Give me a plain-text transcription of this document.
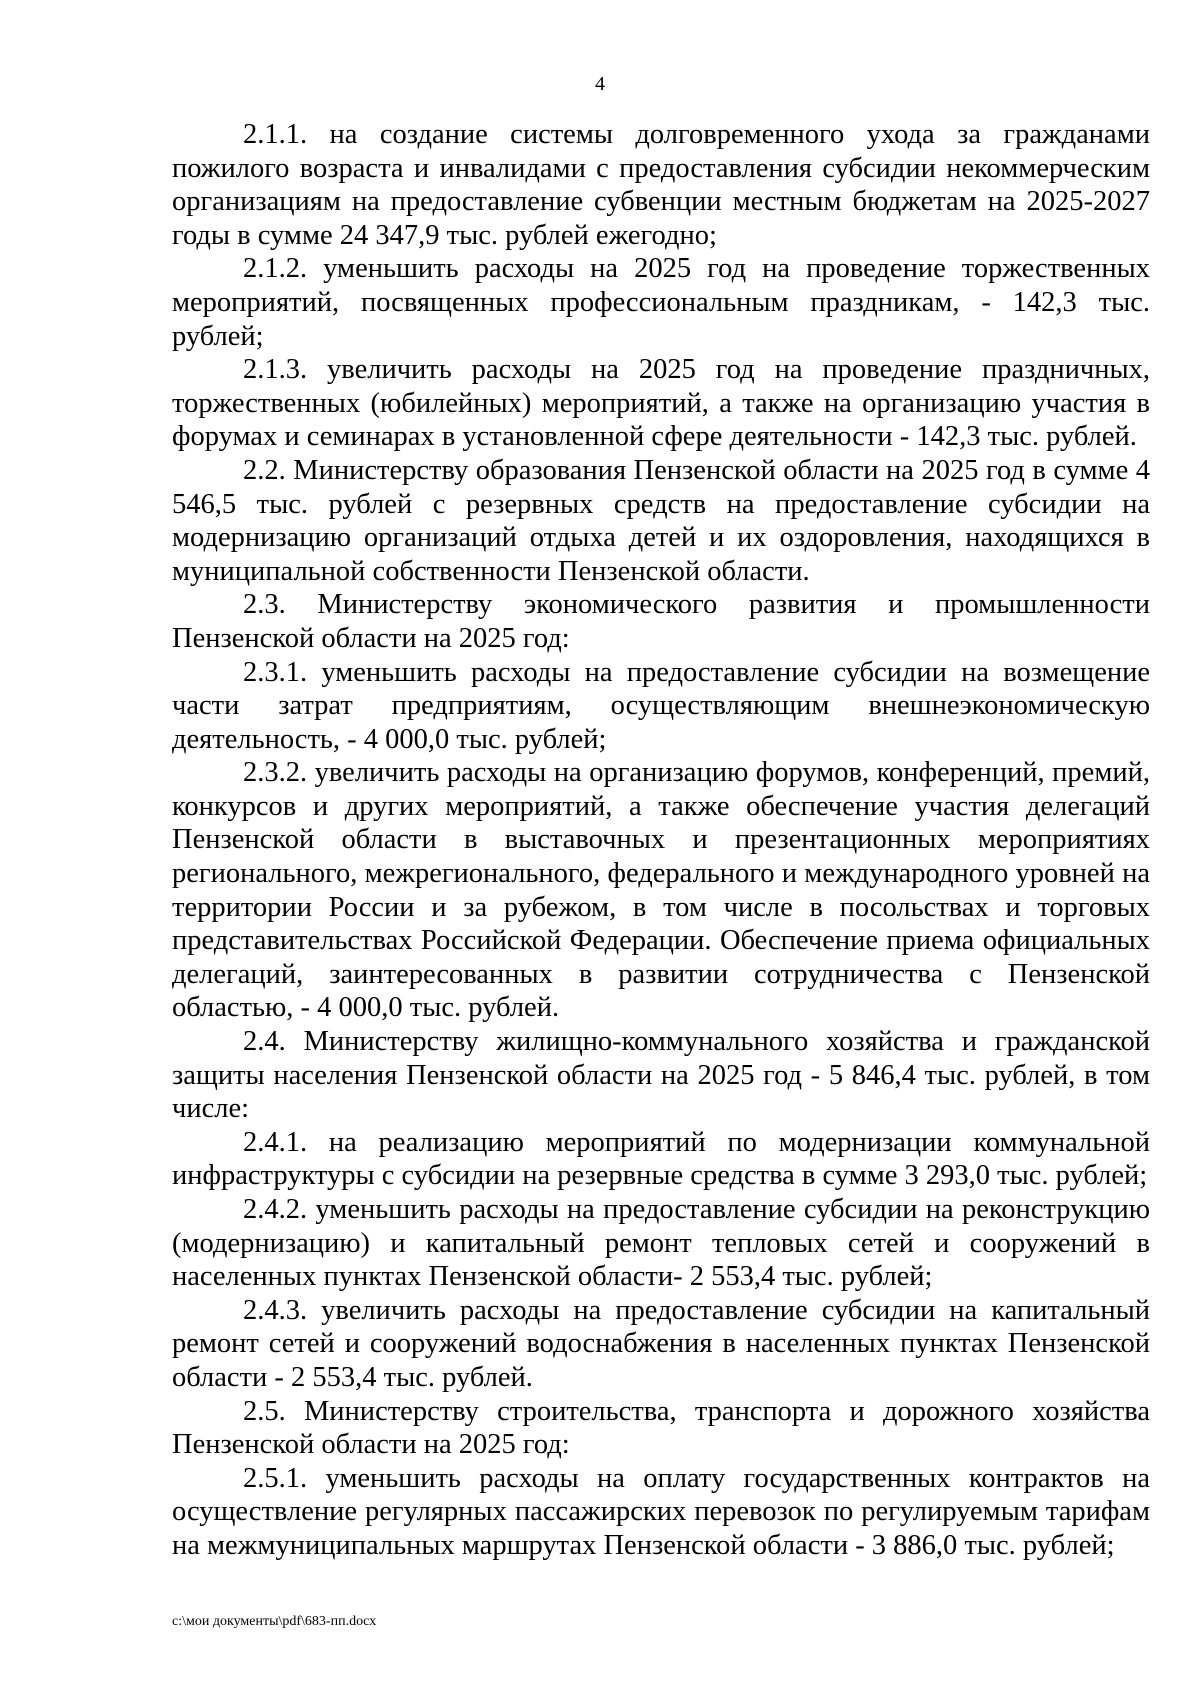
4

2.1.1. на создание системы долговременного ухода за гражданами пожилого возраста и инвалидами с предоставления субсидии некоммерческим организациям на предоставление субвенции местным бюджетам на 2025-2027 годы в сумме 24 347,9 тыс. рублей ежегодно;

2.1.2. уменьшить расходы на 2025 год на проведение торжественных мероприятий, посвященных профессиональным праздникам, - 142,3 тыс. рублей;

2.1.3. увеличить расходы на 2025 год на проведение праздничных, торжественных (юбилейных) мероприятий, а также на организацию участия в форумах и семинарах в установленной сфере деятельности - 142,3 тыс. рублей.

2.2. Министерству образования Пензенской области на 2025 год в сумме 4 546,5 тыс. рублей с резервных средств на предоставление субсидии на модернизацию организаций отдыха детей и их оздоровления, находящихся в муниципальной собственности Пензенской области.

2.3. Министерству экономического развития и промышленности Пензенской области на 2025 год:

2.3.1. уменьшить расходы на предоставление субсидии на возмещение части затрат предприятиям, осуществляющим внешнеэкономическую деятельность, - 4 000,0 тыс. рублей;

2.3.2. увеличить расходы на организацию форумов, конференций, премий, конкурсов и других мероприятий, а также обеспечение участия делегаций Пензенской области в выставочных и презентационных мероприятиях регионального, межрегионального, федерального и международного уровней на территории России и за рубежом, в том числе в посольствах и торговых представительствах Российской Федерации. Обеспечение приема официальных делегаций, заинтересованных в развитии сотрудничества с Пензенской областью, - 4 000,0 тыс. рублей.

2.4. Министерству жилищно-коммунального хозяйства и гражданской защиты населения Пензенской области на 2025 год - 5 846,4 тыс. рублей, в том числе:

2.4.1. на реализацию мероприятий по модернизации коммунальной инфраструктуры с субсидии на резервные средства в сумме 3 293,0 тыс. рублей;

2.4.2. уменьшить расходы на предоставление субсидии на реконструкцию (модернизацию) и капитальный ремонт тепловых сетей и сооружений в населенных пунктах Пензенской области- 2 553,4 тыс. рублей;

2.4.3. увеличить расходы на предоставление субсидии на капитальный ремонт сетей и сооружений водоснабжения в населенных пунктах Пензенской области - 2 553,4 тыс. рублей.

2.5. Министерству строительства, транспорта и дорожного хозяйства Пензенской области на 2025 год:

2.5.1. уменьшить расходы на оплату государственных контрактов на осуществление регулярных пассажирских перевозок по регулируемым тарифам на межмуниципальных маршрутах Пензенской области - 3 886,0 тыс. рублей;

c:\мои документы\pdf\683-пп.docx
